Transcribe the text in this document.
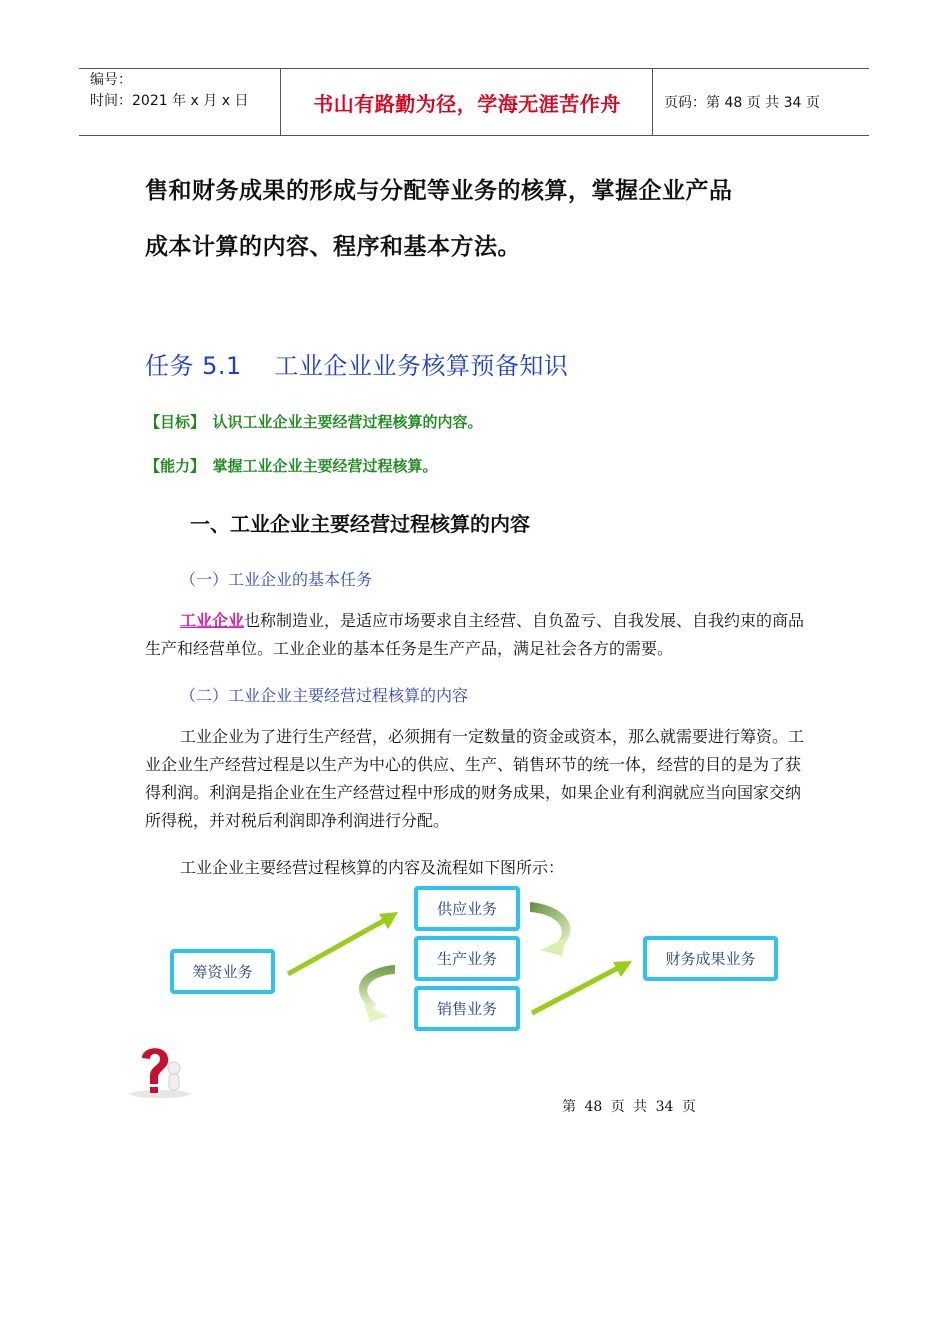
编号：
时间：2021 年 x 月 x 日	书山有路勤为径，学海无涯苦作舟	页码：第 48 页 共 34 页
售和财务成果的形成与分配等业务的核算，掌握企业产品
成本计算的内容、程序和基本方法。
任务 5.1　 工业企业业务核算预备知识
【目标】　认识工业企业主要经营过程核算的内容。
【能力】　掌握工业企业主要经营过程核算。
一、工业企业主要经营过程核算的内容
（一）工业企业的基本任务
工业企业也称制造业，是适应市场要求自主经营、自负盈亏、自我发展、自我约束的商品生产和经营单位。工业企业的基本任务是生产产品，满足社会各方的需要。
（二）工业企业主要经营过程核算的内容
工业企业为了进行生产经营，必须拥有一定数量的资金或资本，那么就需要进行筹资。工业企业生产经营过程是以生产为中心的供应、生产、销售环节的统一体，经营的目的是为了获得利润。利润是指企业在生产经营过程中形成的财务成果，如果企业有利润就应当向国家交纳所得税，并对税后利润即净利润进行分配。
工业企业主要经营过程核算的内容及流程如下图所示：
筹资业务
供应业务
生产业务
销售业务
财务成果业务
第 48 页 共 34 页
